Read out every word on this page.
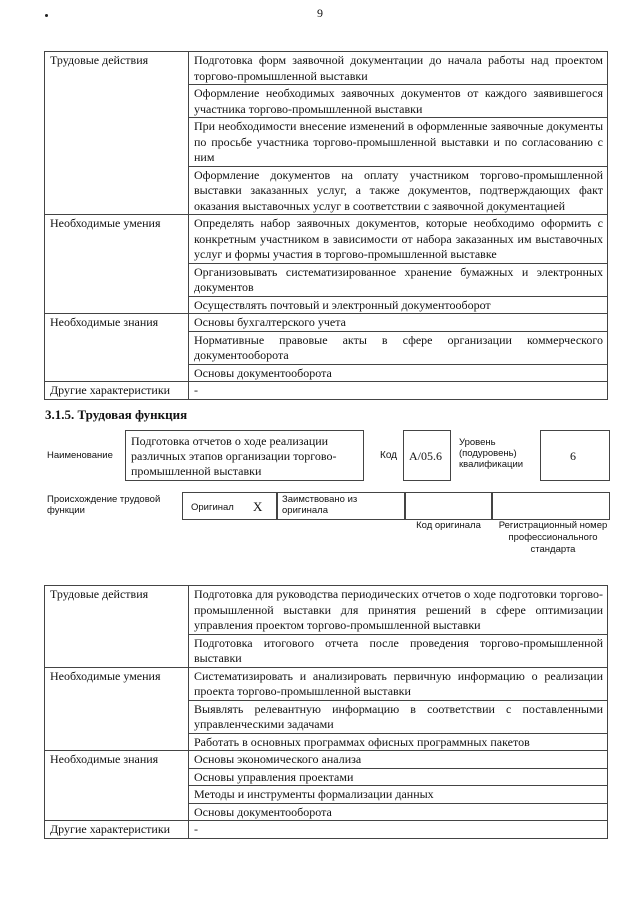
9
Трудовые действия	Подготовка форм заявочной документации до начала работы над проектом торгово-промышленной выставки
	Оформление необходимых заявочных документов от каждого заявившегося участника торгово-промышленной выставки
	При необходимости внесение изменений в оформленные заявочные документы по просьбе участника торгово-промышленной выставки и по согласованию с ним
	Оформление документов на оплату участником торгово-промышленной выставки заказанных услуг, а также документов, подтверждающих факт оказания выставочных услуг в соответствии с заявочной документацией
Необходимые умения	Определять набор заявочных документов, которые необходимо оформить с конкретным участником в зависимости от набора заказанных им выставочных услуг и формы участия в торгово-промышленной выставке
	Организовывать систематизированное хранение бумажных и электронных документов
	Осуществлять почтовый и электронный документооборот
Необходимые знания	Основы бухгалтерского учета
	Нормативные правовые акты в сфере организации коммерческого документооборота
	Основы документооборота
Другие характеристики	-
3.1.5. Трудовая функция
Наименование
Подготовка отчетов о ходе реализации различных этапов организации торгово-промышленной выставки
Код А/05.6
Уровень (подуровень) квалификации
6
Происхождение трудовой функции	Оригинал X Заимствовано из оригинала
Код оригинала	Регистрационный номер профессионального стандарта
Трудовые действия	Подготовка для руководства периодических отчетов о ходе подготовки торгово-промышленной выставки для принятия решений в сфере оптимизации управления проектом торгово-промышленной выставки
	Подготовка итогового отчета после проведения торгово-промышленной выставки
Необходимые умения	Систематизировать и анализировать первичную информацию о реализации проекта торгово-промышленной выставки
	Выявлять релевантную информацию в соответствии с поставленными управленческими задачами
	Работать в основных программах офисных программных пакетов
Необходимые знания	Основы экономического анализа
	Основы управления проектами
	Методы и инструменты формализации данных
	Основы документооборота
Другие характеристики	-
